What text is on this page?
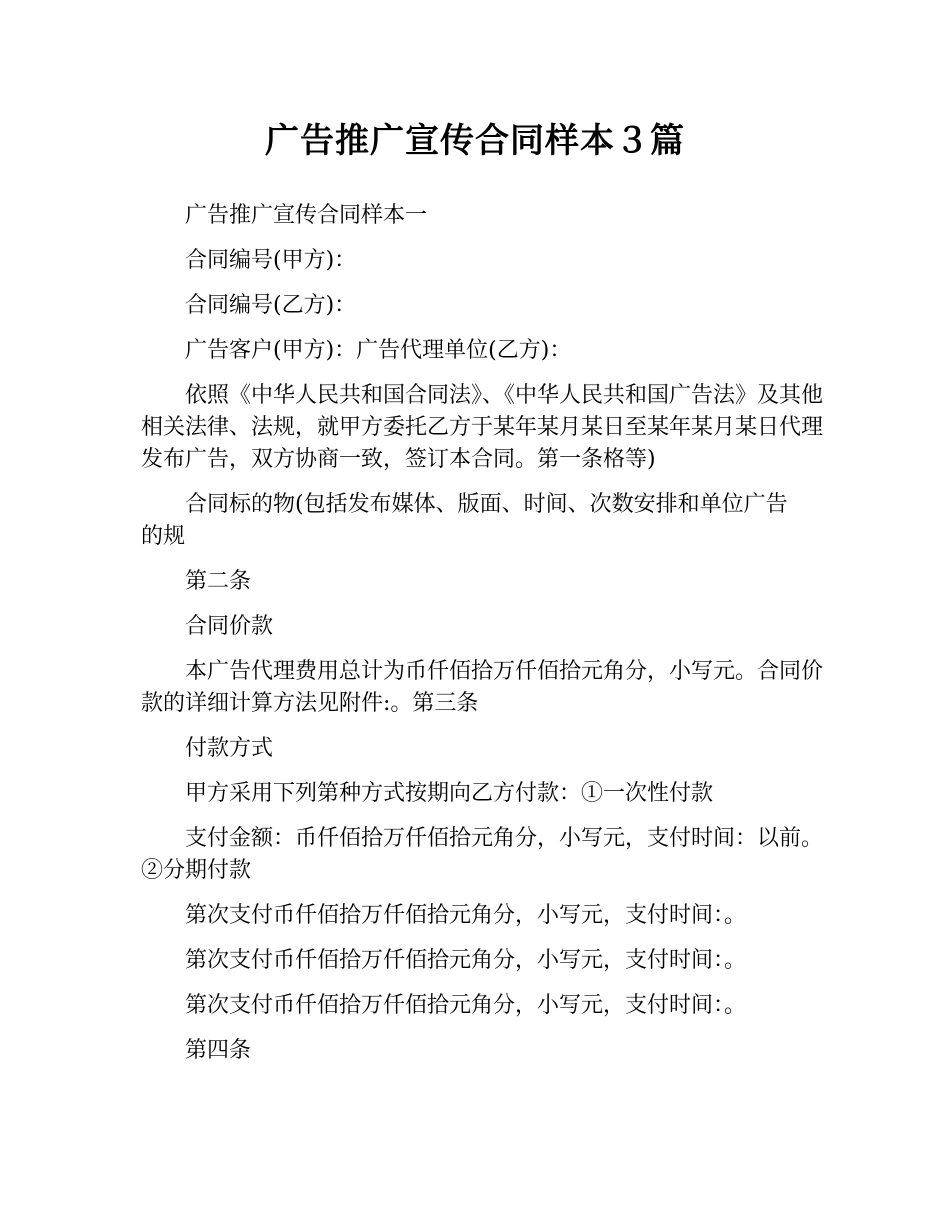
广告推广宣传合同样本３篇

广告推广宣传合同样本一

合同编号(甲方)：

合同编号(乙方)：

广告客户(甲方)：广告代理单位(乙方)：

依照《中华人民共和国合同法》、《中华人民共和国广告法》及其他相关法律、法规，就甲方委托乙方于某年某月某日至某年某月某日代理发布广告，双方协商一致，签订本合同。第一条格等)

合同标的物(包括发布媒体、版面、时间、次数安排和单位广告的规

第二条

合同价款

本广告代理费用总计为币仟佰拾万仟佰拾元角分，小写元。合同价款的详细计算方法见附件:。第三条

付款方式

甲方采用下列第种方式按期向乙方付款：①一次性付款

支付金额：币仟佰拾万仟佰拾元角分，小写元，支付时间：以前。②分期付款

第次支付币仟佰拾万仟佰拾元角分，小写元，支付时间：。

第次支付币仟佰拾万仟佰拾元角分，小写元，支付时间：。

第次支付币仟佰拾万仟佰拾元角分，小写元，支付时间：。

第四条
